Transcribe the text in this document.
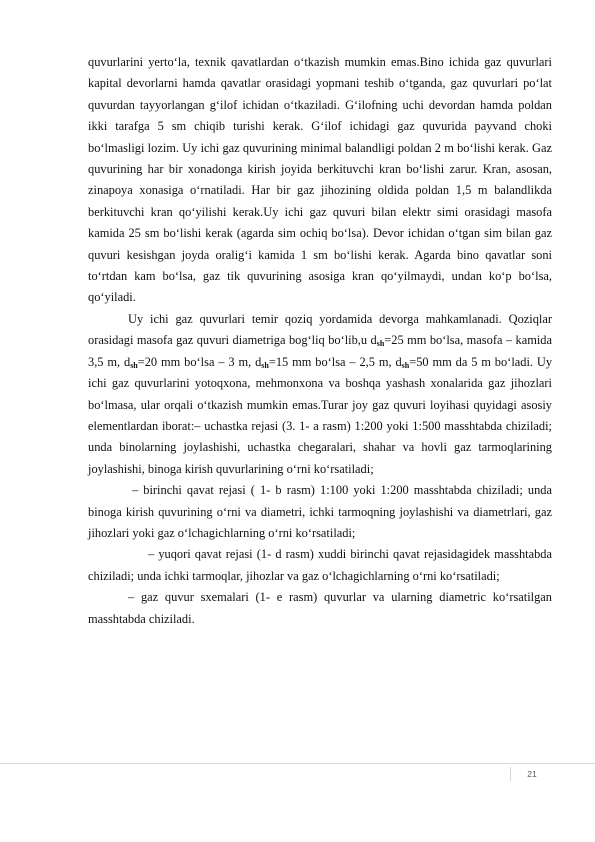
quvurlarini yerto‘la, texnik qavatlardan o‘tkazish mumkin emas.Bino ichida gaz quvurlari kapital devorlarni hamda qavatlar orasidagi yopmani teshib o‘tganda, gaz quvurlari po‘lat quvurdan tayyorlangan g‘ilof ichidan o‘tkaziladi. G‘ilofning uchi devordan hamda poldan ikki tarafga 5 sm chiqib turishi kerak. G‘ilof ichidagi gaz quvurida payvand choki bo‘lmasligi lozim. Uy ichi gaz quvurining minimal balandligi poldan 2 m bo‘lishi kerak. Gaz quvurining har bir xonadonga kirish joyida berkituvchi kran bo‘lishi zarur. Kran, asosan, zinapoya xonasiga o‘rnatiladi. Har bir gaz jihozining oldida poldan 1,5 m balandlikda berkituvchi kran qo‘yilishi kerak.Uy ichi gaz quvuri bilan elektr simi orasidagi masofa kamida 25 sm bo‘lishi kerak (agarda sim ochiq bo‘lsa). Devor ichidan o‘tgan sim bilan gaz quvuri kesishgan joyda oralig‘i kamida 1 sm bo‘lishi kerak. Agarda bino qavatlar soni to‘rtdan kam bo‘lsa, gaz tik quvurining asosiga kran qo‘yilmaydi, undan ko‘p bo‘lsa, qo‘yiladi.

Uy ichi gaz quvurlari temir qoziq yordamida devorga mahkamlanadi. Qoziqlar orasidagi masofa gaz quvuri diametriga bog‘liq bo‘lib,u $d_{sh}=25$ mm bo‘lsa, masofa – kamida 3,5 m, $d_{sh}=20$ mm bo‘lsa – 3 m, $d_{sh}=15$ mm bo‘lsa – 2,5 m, $d_{sh}=50$ mm da 5 m bo‘ladi. Uy ichi gaz quvurlarini yotoqxona, mehmonxona va boshqa yashash xonalarida gaz jihozlari bo‘lmasa, ular orqali o‘tkazish mumkin emas.Turar joy gaz quvuri loyihasi quyidagi asosiy elementlardan iborat:– uchastka rejasi (3. 1- a rasm) 1:200 yoki 1:500 masshtabda chiziladi; unda binolarning joylashishi, uchastka chegaralari, shahar va hovli gaz tarmoqlarining joylashishi, binoga kirish quvurlarining o‘rni ko‘rsatiladi;

– birinchi qavat rejasi ( 1- b rasm) 1:100 yoki 1:200 masshtabda chiziladi; unda binoga kirish quvurining o‘rni va diametri, ichki tarmoqning joylashishi va diametrlari, gaz jihozlari yoki gaz o‘lchagichlarning o‘rni ko‘rsatiladi;

– yuqori qavat rejasi (1- d rasm) xuddi birinchi qavat rejasidagidek masshtabda chiziladi; unda ichki tarmoqlar, jihozlar va gaz o‘lchagichlarning o‘rni ko‘rsatiladi;

– gaz quvur sxemalari (1- e rasm) quvurlar va ularning diametric ko‘rsatilgan masshtabda chiziladi.

21
